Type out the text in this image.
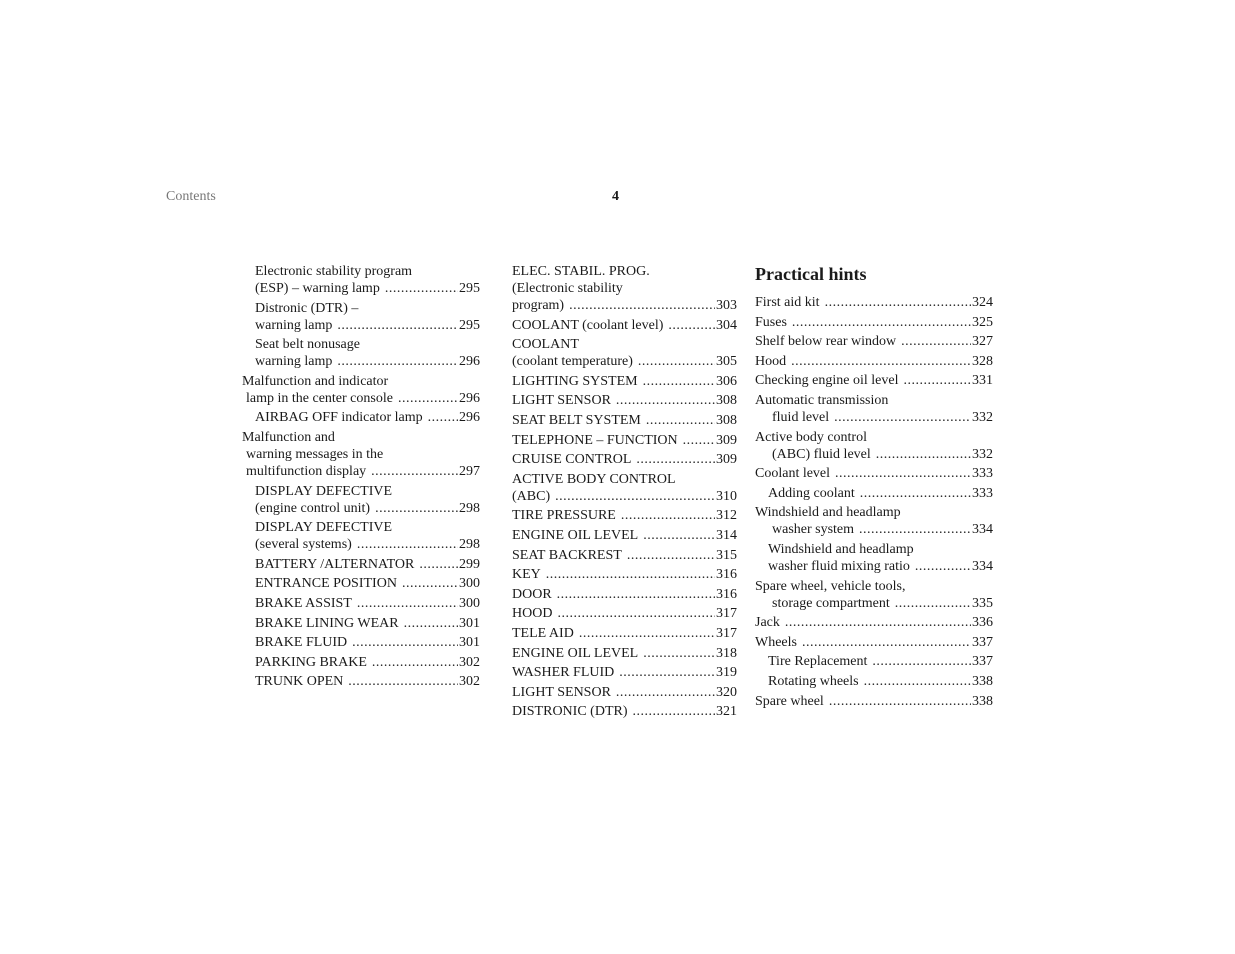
Contents	4
Electronic stability program
(ESP) – warning lamp .....	295
Distronic (DTR) –
warning lamp .....	295
Seat belt nonusage
warning lamp .....	296
Malfunction and indicator
lamp in the center console .....	296
AIRBAG OFF indicator lamp .....	296
Malfunction and
warning messages in the
multifunction display .....	297
DISPLAY DEFECTIVE
(engine control unit) .....	298
DISPLAY DEFECTIVE
(several systems) .....	298
BATTERY /ALTERNATOR .....	299
ENTRANCE POSITION .....	300
BRAKE ASSIST .....	300
BRAKE LINING WEAR .....	301
BRAKE FLUID .....	301
PARKING BRAKE .....	302
TRUNK OPEN .....	302
ELEC. STABIL. PROG.
(Electronic stability
program) .....	303
COOLANT (coolant level) .....	304
COOLANT
(coolant temperature) .....	305
LIGHTING SYSTEM .....	306
LIGHT SENSOR .....	308
SEAT BELT SYSTEM .....	308
TELEPHONE – FUNCTION .....	309
CRUISE CONTROL .....	309
ACTIVE BODY CONTROL
(ABC) .....	310
TIRE PRESSURE .....	312
ENGINE OIL LEVEL .....	314
SEAT BACKREST .....	315
KEY .....	316
DOOR .....	316
HOOD .....	317
TELE AID .....	317
ENGINE OIL LEVEL .....	318
WASHER FLUID .....	319
LIGHT SENSOR .....	320
DISTRONIC (DTR) .....	321
Practical hints
First aid kit .....	324
Fuses .....	325
Shelf below rear window .....	327
Hood .....	328
Checking engine oil level .....	331
Automatic transmission
fluid level .....	332
Active body control
(ABC) fluid level .....	332
Coolant level .....	333
Adding coolant .....	333
Windshield and headlamp
washer system .....	334
Windshield and headlamp
washer fluid mixing ratio .....	334
Spare wheel, vehicle tools,
storage compartment .....	335
Jack .....	336
Wheels .....	337
Tire Replacement .....	337
Rotating wheels .....	338
Spare wheel .....	338
